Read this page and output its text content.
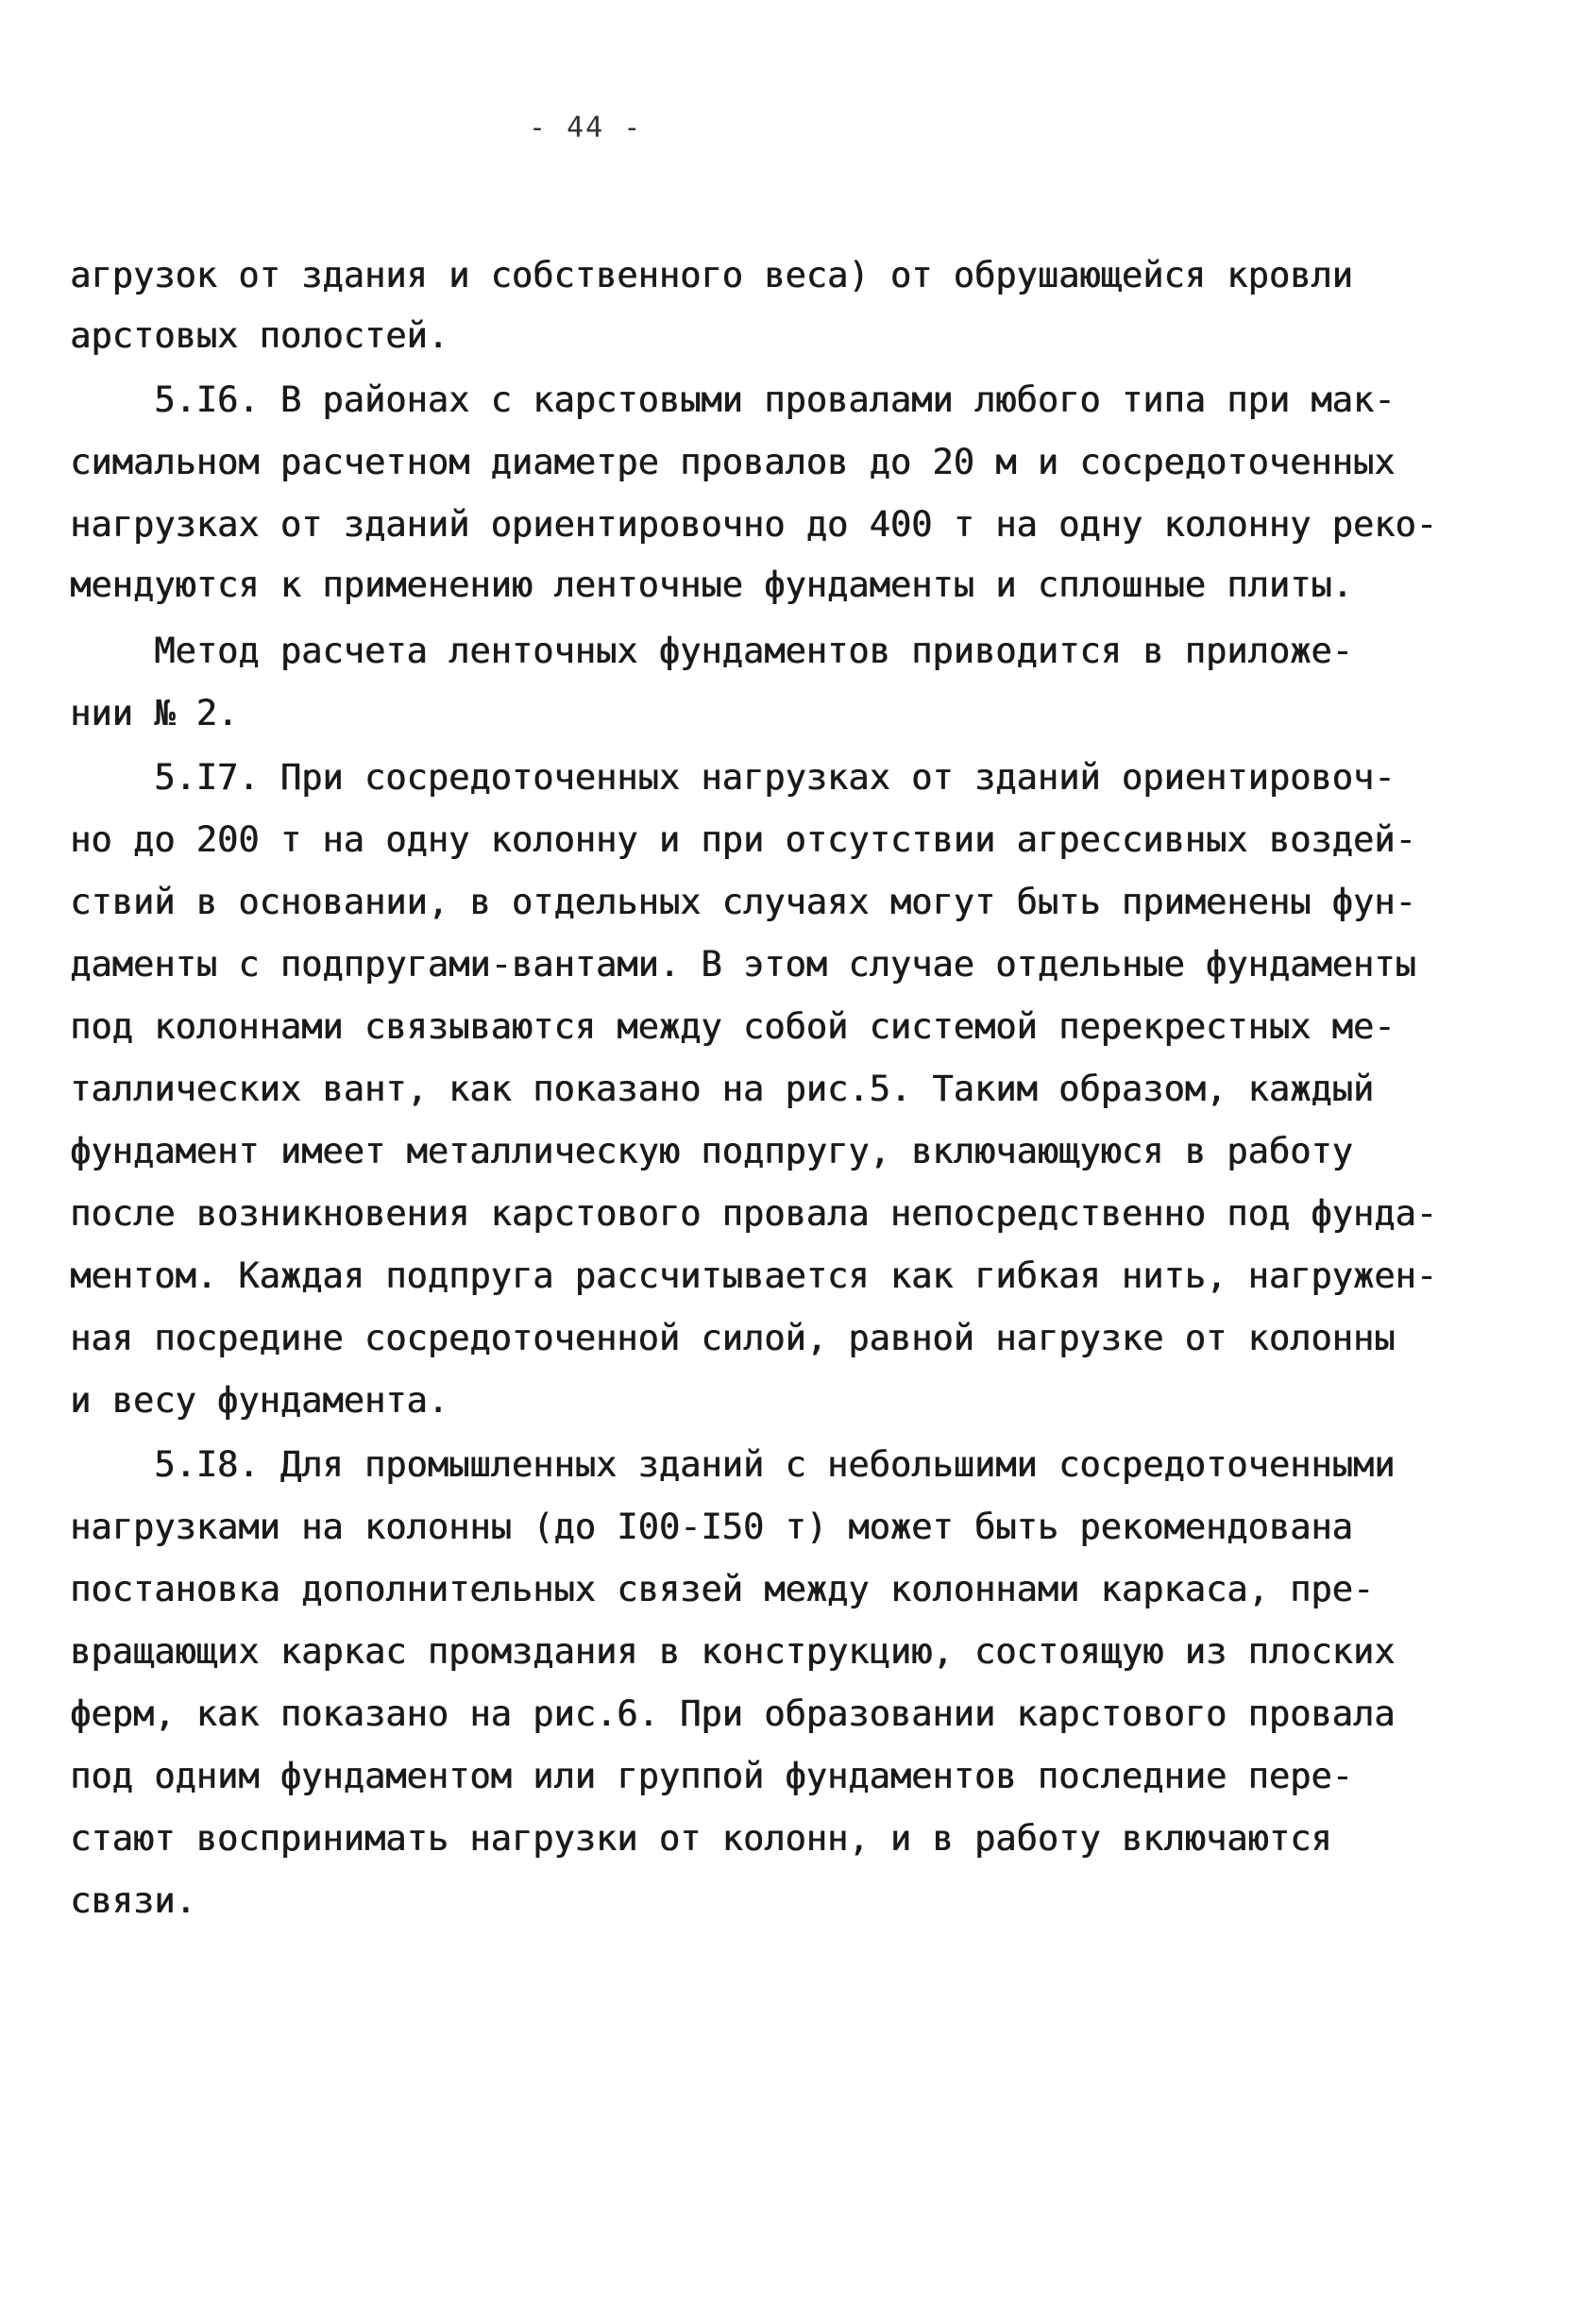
- 44 -
агрузок от здания и собственного веса) от обрушающейся кровли
арстовых полостей.
5.I6. В районах с карстовыми провалами любого типа при мак-
симальном расчетном диаметре провалов до 20 м и сосредоточенных
нагрузках от зданий ориентировочно до 400 т на одну колонну реко-
мендуются к применению ленточные фундаменты и сплошные плиты.
Метод расчета ленточных фундаментов приводится в приложе-
нии № 2.
5.I7. При сосредоточенных нагрузках от зданий ориентировоч-
но до 200 т на одну колонну и при отсутствии агрессивных воздей-
ствий в основании, в отдельных случаях могут быть применены фун-
даменты с подпругами-вантами. В этом случае отдельные фундаменты
под колоннами связываются между собой системой перекрестных ме-
таллических вант, как показано на рис.5. Таким образом, каждый
фундамент имеет металлическую подпругу, включающуюся в работу
после возникновения карстового провала непосредственно под фунда-
ментом. Каждая подпруга рассчитывается как гибкая нить, нагружен-
ная посредине сосредоточенной силой, равной нагрузке от колонны
и весу фундамента.
5.I8. Для промышленных зданий с небольшими сосредоточенными
нагрузками на колонны (до I00-I50 т) может быть рекомендована
постановка дополнительных связей между колоннами каркаса, пре-
вращающих каркас промздания в конструкцию, состоящую из плоских
ферм, как показано на рис.6. При образовании карстового провала
под одним фундаментом или группой фундаментов последние пере-
стают воспринимать нагрузки от колонн, и в работу включаются
связи.
